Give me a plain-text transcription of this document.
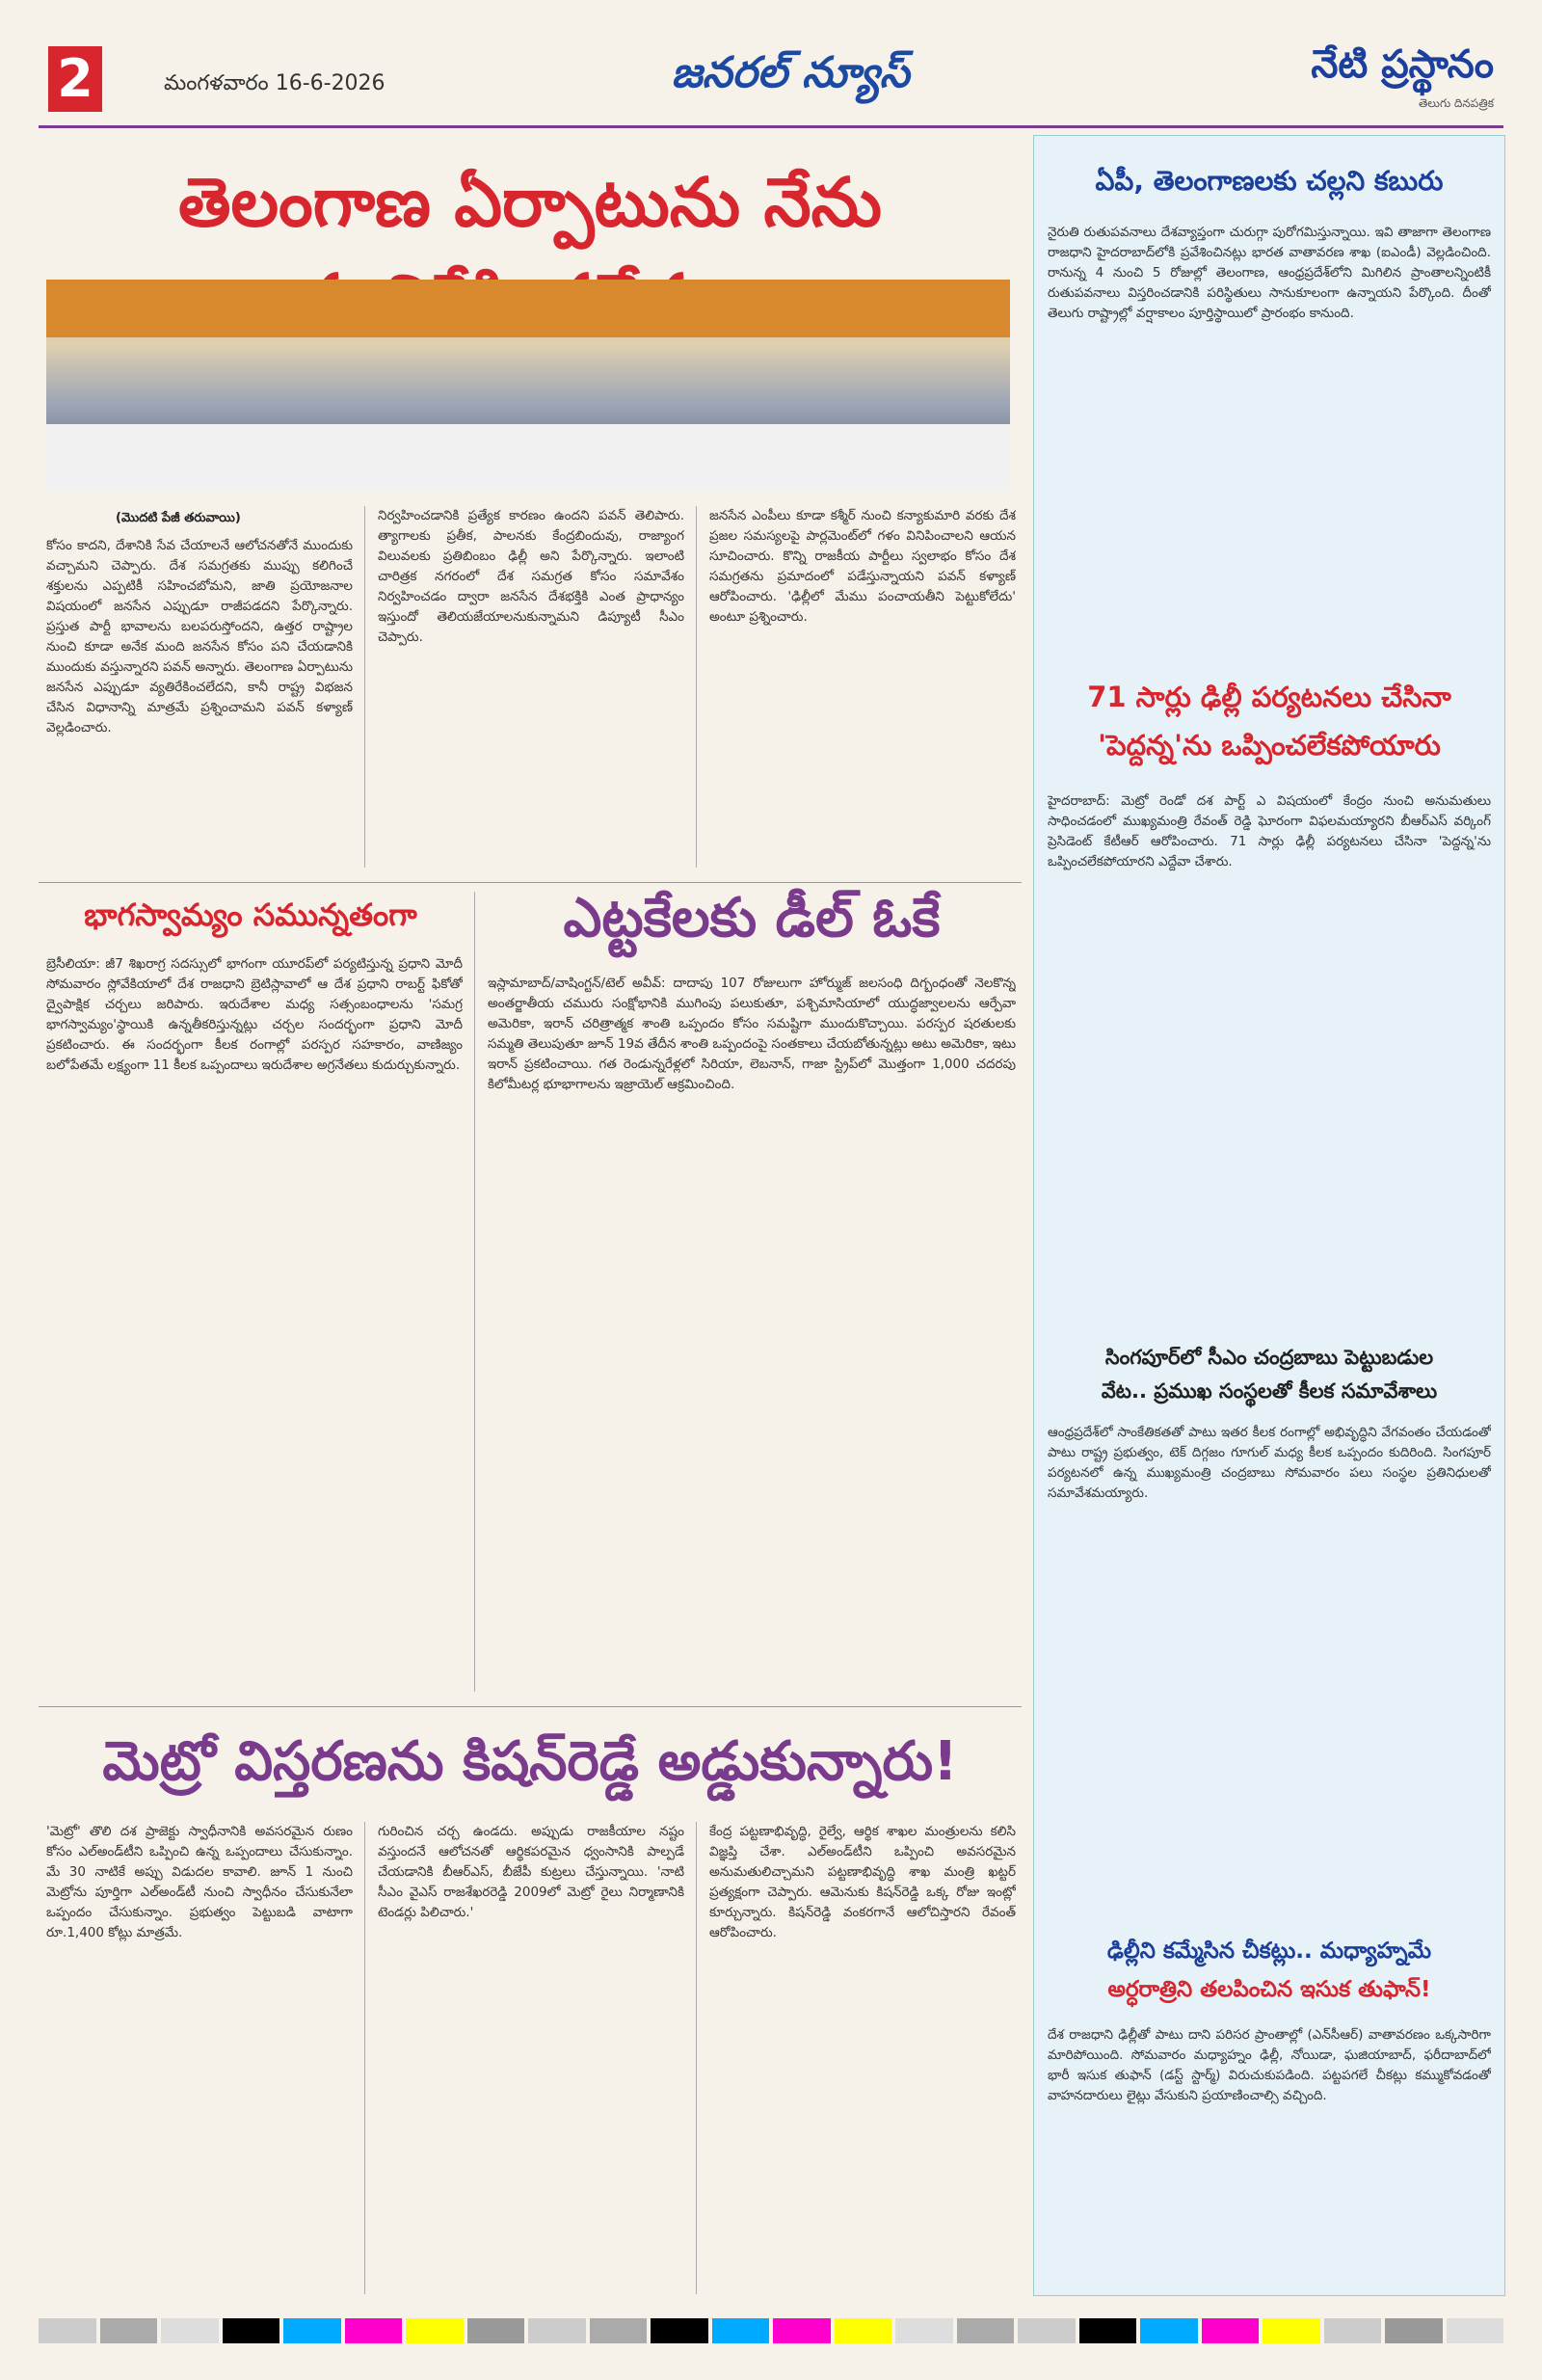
2	మంగళవారం 16-6-2026	జనరల్ న్యూస్	నేటి ప్రస్థానం
తెలుగు దినపత్రిక
తెలంగాణ ఏర్పాటును నేను
(మొదటి పేజీ తరువాయి)
కోసం కాదని, దేశానికి సేవ చేయాలనే ఆలోచనతోనే ముందుకు వచ్చామని చెప్పారు. దేశ సమగ్రతకు ముప్పు కలిగించే శక్తులను ఎప్పటికీ సహించబోమని, జాతి ప్రయోజనాల విషయంలో జనసేన ఎప్పుడూ రాజీపడదని పేర్కొన్నారు. ప్రస్తుత పార్టీ భావాలను బలపరుస్తోందని, ఉత్తర రాష్ట్రాల నుంచి కూడా అనేక మంది జనసేన కోసం పని చేయడానికి ముందుకు వస్తున్నారని పవన్ అన్నారు. తెలంగాణ ఏర్పాటును జనసేన ఎప్పుడూ వ్యతిరేకించలేదని, కానీ రాష్ట్ర విభజన చేసిన విధానాన్ని మాత్రమే ప్రశ్నించామని పవన్ కళ్యాణ్ వెల్లడించారు.
నిర్వహించడానికి ప్రత్యేక కారణం ఉందని పవన్ తెలిపారు. త్యాగాలకు ప్రతీక, పాలనకు కేంద్రబిందువు, రాజ్యాంగ విలువలకు ప్రతిబింబం ఢిల్లీ అని పేర్కొన్నారు. ఇలాంటి చారిత్రక నగరంలో దేశ సమగ్రత కోసం సమావేశం నిర్వహించడం ద్వారా జనసేన దేశభక్తికి ఎంత ప్రాధాన్యం ఇస్తుందో తెలియజేయాలనుకున్నామని డిప్యూటీ సీఎం చెప్పారు.
జనసేన ఎంపీలు కూడా కశ్మీర్ నుంచి కన్యాకుమారి వరకు దేశ ప్రజల సమస్యలపై పార్లమెంట్‌లో గళం వినిపించాలని ఆయన సూచించారు. కొన్ని రాజకీయ పార్టీలు స్వలాభం కోసం దేశ సమగ్రతను ప్రమాదంలో పడేస్తున్నాయని పవన్ కళ్యాణ్ ఆరోపించారు. 'ఢిల్లీలో మేము పంచాయతీని పెట్టుకోలేదు' అంటూ ప్రశ్నించారు.
భాగస్వామ్యం సమున్నతంగా
బ్రెసీలియా: జీ7 శిఖరాగ్ర సదస్సులో భాగంగా యూరప్‌లో పర్యటిస్తున్న ప్రధాని మోదీ సోమవారం స్లోవేకియాలో దేశ రాజధాని బ్రెటిస్లావాలో ఆ దేశ ప్రధాని రాబర్ట్ ఫికోతో ద్వైపాక్షిక చర్చలు జరిపారు. ఇరుదేశాల మధ్య సత్సంబంధాలను 'సమగ్ర భాగస్వామ్యం'స్థాయికి ఉన్నతీకరిస్తున్నట్లు చర్చల సందర్భంగా ప్రధాని మోదీ ప్రకటించారు. ఈ సందర్భంగా కీలక రంగాల్లో పరస్పర సహకారం, వాణిజ్యం బలోపేతమే లక్ష్యంగా 11 కీలక ఒప్పందాలు ఇరుదేశాల అగ్రనేతలు కుదుర్చుకున్నారు.
ఎట్టకేలకు డీల్ ఓకే
ఇస్లామాబాద్/వాషింగ్టన్/టెల్ అవీవ్: దాదాపు 107 రోజులుగా హోర్ముజ్ జలసంధి దిగ్బంధంతో నెలకొన్న అంతర్జాతీయ చమురు సంక్షోభానికి ముగింపు పలుకుతూ, పశ్చిమాసియాలో యుద్ధజ్వాలలను ఆర్పేవా అమెరికా, ఇరాన్ చరిత్రాత్మక శాంతి ఒప్పందం కోసం సమష్టిగా ముందుకొచ్చాయి. పరస్పర షరతులకు సమ్మతి తెలుపుతూ జూన్ 19వ తేదీన శాంతి ఒప్పందంపై సంతకాలు చేయబోతున్నట్లు అటు అమెరికా, ఇటు ఇరాన్ ప్రకటించాయి. గత రెండున్నరేళ్లలో సిరియా, లెబనాన్, గాజా స్ట్రిప్‌లో మొత్తంగా 1,000 చదరపు కిలోమీటర్ల భూభాగాలను ఇజ్రాయెల్ ఆక్రమించింది.
మెట్రో విస్తరణను కిషన్‌రెడ్డే అడ్డుకున్నారు!
'మెట్రో' తొలి దశ ప్రాజెక్టు స్వాధీనానికి అవసరమైన రుణం కోసం ఎల్అండ్‌టీని ఒప్పించి ఉన్న ఒప్పందాలు చేసుకున్నాం. మే 30 నాటికే అప్పు విడుదల కావాలి. జూన్ 1 నుంచి మెట్రోను పూర్తిగా ఎల్అండ్‌టీ నుంచి స్వాధీనం చేసుకునేలా ఒప్పందం చేసుకున్నాం. ప్రభుత్వం పెట్టుబడి వాటాగా రూ.1,400 కోట్లు మాత్రమే.
గురించిన చర్చ ఉండదు. అప్పుడు రాజకీయాల నష్టం వస్తుందనే ఆలోచనతో ఆర్థికపరమైన ధ్వంసానికి పాల్పడే చేయడానికి బీఆర్ఎస్, బీజేపీ కుట్రలు చేస్తున్నాయి. 'నాటి సీఎం వైఎస్ రాజశేఖరరెడ్డి 2009లో మెట్రో రైలు నిర్మాణానికి టెండర్లు పిలిచారు.'
కేంద్ర పట్టణాభివృద్ధి, రైల్వే, ఆర్థిక శాఖల మంత్రులను కలిసి విజ్ఞప్తి చేశా. ఎల్అండ్‌టీని ఒప్పించి అవసరమైన అనుమతులిచ్చామని పట్టణాభివృద్ధి శాఖ మంత్రి ఖట్టర్ ప్రత్యక్షంగా చెప్పారు. ఆమెనుకు కిషన్‌రెడ్డి ఒక్క రోజు ఇంట్లో కూర్చున్నారు. కిషన్‌రెడ్డి వంకరగానే ఆలోచిస్తారని రేవంత్ ఆరోపించారు.
ఏపీ, తెలంగాణలకు చల్లని కబురు
నైరుతి రుతుపవనాలు దేశవ్యాప్తంగా చురుగ్గా పురోగమిస్తున్నాయి. ఇవి తాజాగా తెలంగాణ రాజధాని హైదరాబాద్‌లోకి ప్రవేశించినట్లు భారత వాతావరణ శాఖ (ఐఎండీ) వెల్లడించింది. రానున్న 4 నుంచి 5 రోజుల్లో తెలంగాణ, ఆంధ్రప్రదేశ్‌లోని మిగిలిన ప్రాంతాలన్నింటికీ రుతుపవనాలు విస్తరించడానికి పరిస్థితులు సానుకూలంగా ఉన్నాయని పేర్కొంది. దీంతో తెలుగు రాష్ట్రాల్లో వర్షాకాలం పూర్తిస్థాయిలో ప్రారంభం కానుంది.
71 సార్లు ఢిల్లీ పర్యటనలు చేసినా
'పెద్దన్న'ను ఒప్పించలేకపోయారు
హైదరాబాద్: మెట్రో రెండో దశ పార్ట్‌ ఎ విషయంలో కేంద్రం నుంచి అనుమతులు సాధించడంలో ముఖ్యమంత్రి రేవంత్ రెడ్డి ఘోరంగా విఫలమయ్యారని బీఆర్ఎస్ వర్కింగ్ ప్రెసిడెంట్ కేటీఆర్ ఆరోపించారు. 71 సార్లు ఢిల్లీ పర్యటనలు చేసినా 'పెద్దన్న'ను ఒప్పించలేకపోయారని ఎద్దేవా చేశారు.
సింగపూర్‌లో సీఎం చంద్రబాబు పెట్టుబడుల
వేట.. ప్రముఖ సంస్థలతో కీలక సమావేశాలు
ఆంధ్రప్రదేశ్‌లో సాంకేతికతతో పాటు ఇతర కీలక రంగాల్లో అభివృద్ధిని వేగవంతం చేయడంతో పాటు రాష్ట్ర ప్రభుత్వం, టెక్ దిగ్గజం గూగుల్ మధ్య కీలక ఒప్పందం కుదిరింది. సింగపూర్ పర్యటనలో ఉన్న ముఖ్యమంత్రి చంద్రబాబు సోమవారం పలు సంస్థల ప్రతినిధులతో సమావేశమయ్యారు.
ఢిల్లీని కమ్మేసిన చీకట్లు.. మధ్యాహ్నమే
అర్ధరాత్రిని తలపించిన ఇసుక తుఫాన్!
దేశ రాజధాని ఢిల్లీతో పాటు దాని పరిసర ప్రాంతాల్లో (ఎన్‌సీఆర్) వాతావరణం ఒక్కసారిగా మారిపోయింది. సోమవారం మధ్యాహ్నం ఢిల్లీ, నోయిడా, ఘజియాబాద్, ఫరీదాబాద్‌లో భారీ ఇసుక తుఫాన్ (డస్ట్ స్టార్మ్) విరుచుకుపడింది. పట్టపగలే చీకట్లు కమ్ముకోవడంతో వాహనదారులు లైట్లు వేసుకుని ప్రయాణించాల్సి వచ్చింది.
